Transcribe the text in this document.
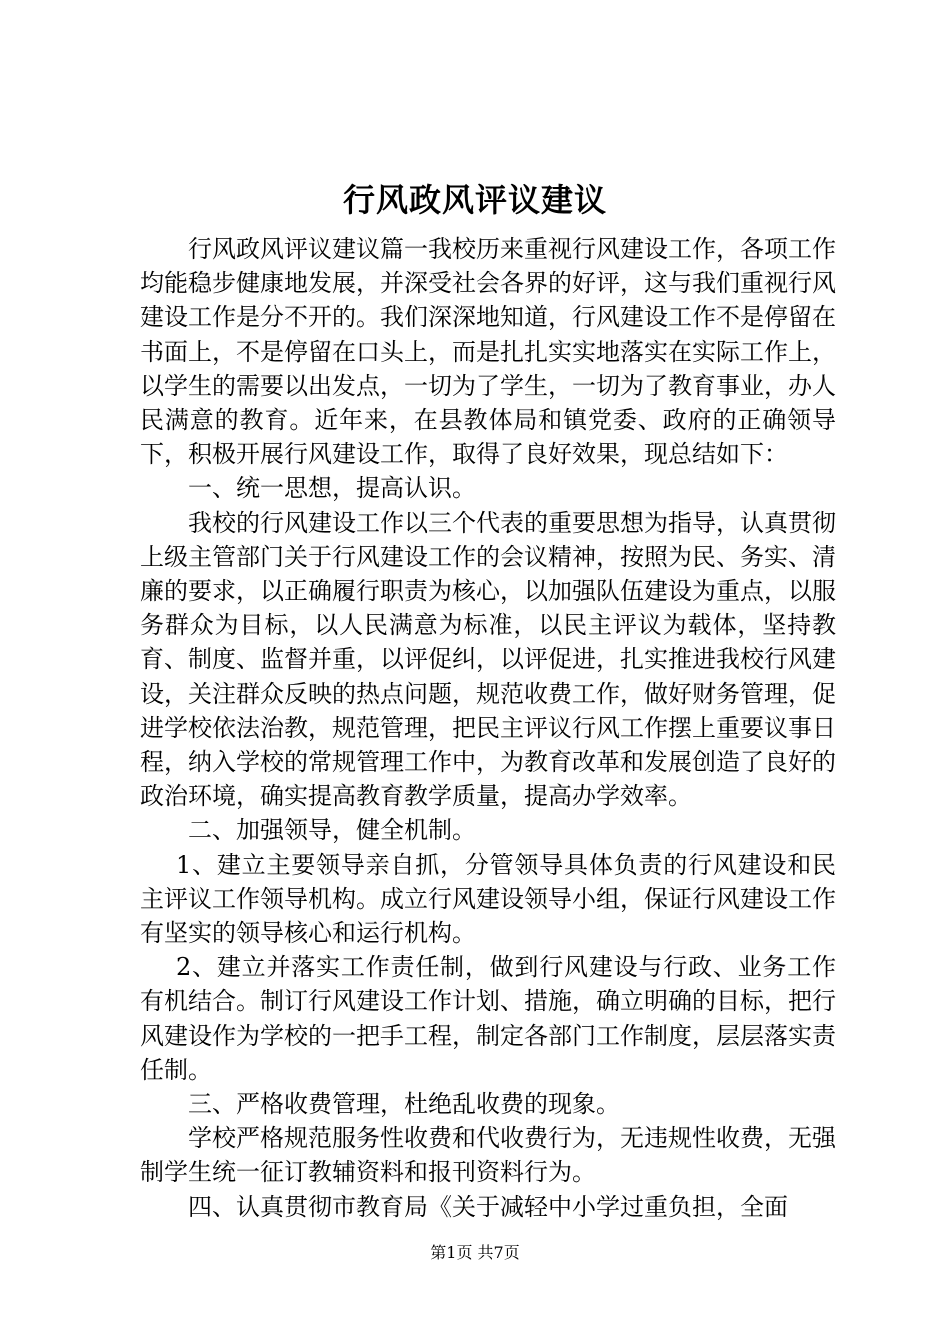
行风政风评议建议

行风政风评议建议篇一我校历来重视行风建设工作，各项工作均能稳步健康地发展，并深受社会各界的好评，这与我们重视行风建设工作是分不开的。我们深深地知道，行风建设工作不是停留在书面上，不是停留在口头上，而是扎扎实实地落实在实际工作上，以学生的需要以出发点，一切为了学生，一切为了教育事业，办人民满意的教育。近年来，在县教体局和镇党委、政府的正确领导下，积极开展行风建设工作，取得了良好效果，现总结如下：

一、统一思想，提高认识。

我校的行风建设工作以三个代表的重要思想为指导，认真贯彻上级主管部门关于行风建设工作的会议精神，按照为民、务实、清廉的要求，以正确履行职责为核心，以加强队伍建设为重点，以服务群众为目标，以人民满意为标准，以民主评议为载体，坚持教育、制度、监督并重，以评促纠，以评促进，扎实推进我校行风建设，关注群众反映的热点问题，规范收费工作，做好财务管理，促进学校依法治教，规范管理，把民主评议行风工作摆上重要议事日程，纳入学校的常规管理工作中，为教育改革和发展创造了良好的政治环境，确实提高教育教学质量，提高办学效率。

二、加强领导，健全机制。

1、建立主要领导亲自抓，分管领导具体负责的行风建设和民主评议工作领导机构。成立行风建设领导小组，保证行风建设工作有坚实的领导核心和运行机构。

2、建立并落实工作责任制，做到行风建设与行政、业务工作有机结合。制订行风建设工作计划、措施，确立明确的目标，把行风建设作为学校的一把手工程，制定各部门工作制度，层层落实责任制。

三、严格收费管理，杜绝乱收费的现象。

学校严格规范服务性收费和代收费行为，无违规性收费，无强制学生统一征订教辅资料和报刊资料行为。

四、认真贯彻市教育局《关于减轻中小学过重负担，全面

第1页 共7页
